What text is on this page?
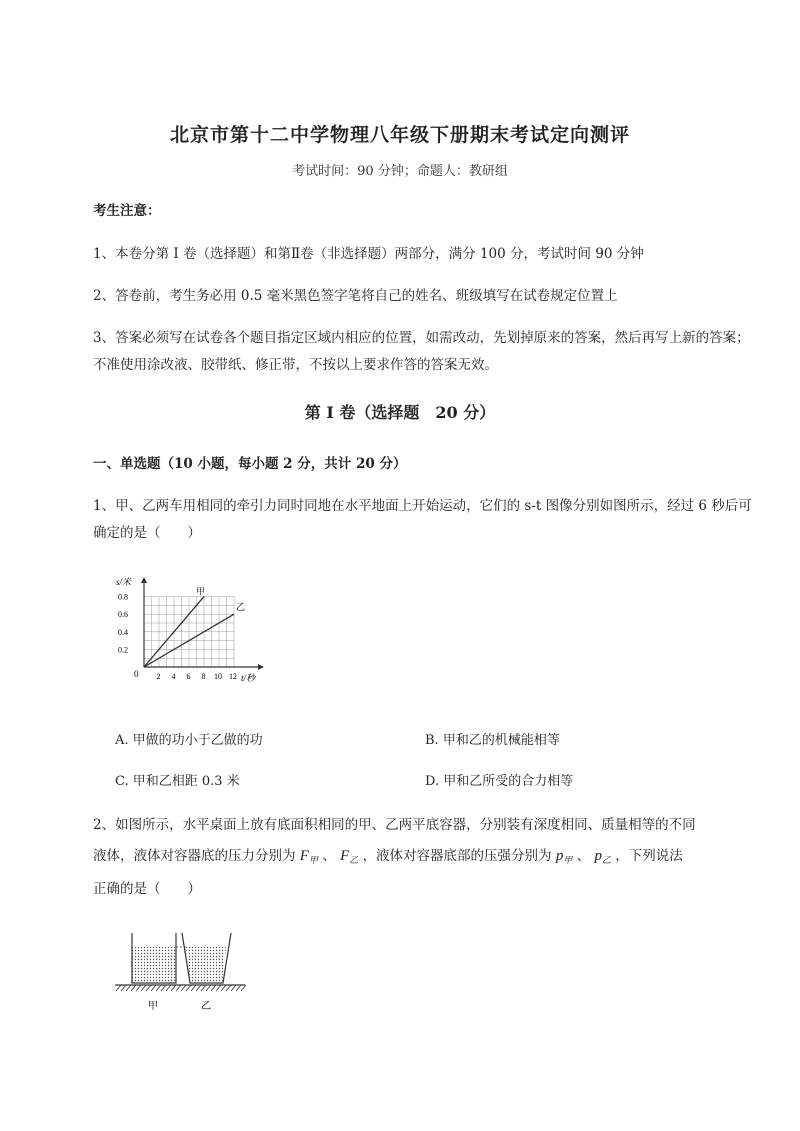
北京市第十二中学物理八年级下册期末考试定向测评
考试时间：90 分钟；命题人：教研组
考生注意：
1、本卷分第 I 卷（选择题）和第Ⅱ卷（非选择题）两部分，满分 100 分，考试时间 90 分钟
2、答卷前，考生务必用 0.5 毫米黑色签字笔将自己的姓名、班级填写在试卷规定位置上
3、答案必须写在试卷各个题目指定区域内相应的位置，如需改动，先划掉原来的答案，然后再写上新的答案；不准使用涂改液、胶带纸、修正带，不按以上要求作答的答案无效。
第 I 卷（选择题　20 分）
一、单选题（10 小题，每小题 2 分，共计 20 分）
1、甲、乙两车用相同的牵引力同时同地在水平地面上开始运动，它们的 s-t 图像分别如图所示，经过 6 秒后可确定的是（　　）
0.8
0.6
0.4
0.2
2 4 6 8 10 12
s/米
t/秒
0
甲
乙
A. 甲做的功小于乙做的功	B. 甲和乙的机械能相等
C. 甲和乙相距 0.3 米	D. 甲和乙所受的合力相等
2、如图所示，水平桌面上放有底面积相同的甲、乙两平底容器，分别装有深度相同、质量相等的不同
液体，液体对容器底的压力分别为 $F_甲$ 、 $F_乙$ ，液体对容器底部的压强分别为 $p_甲$ 、 $p_乙$ ，下列说法
正确的是（　　）
甲	乙
